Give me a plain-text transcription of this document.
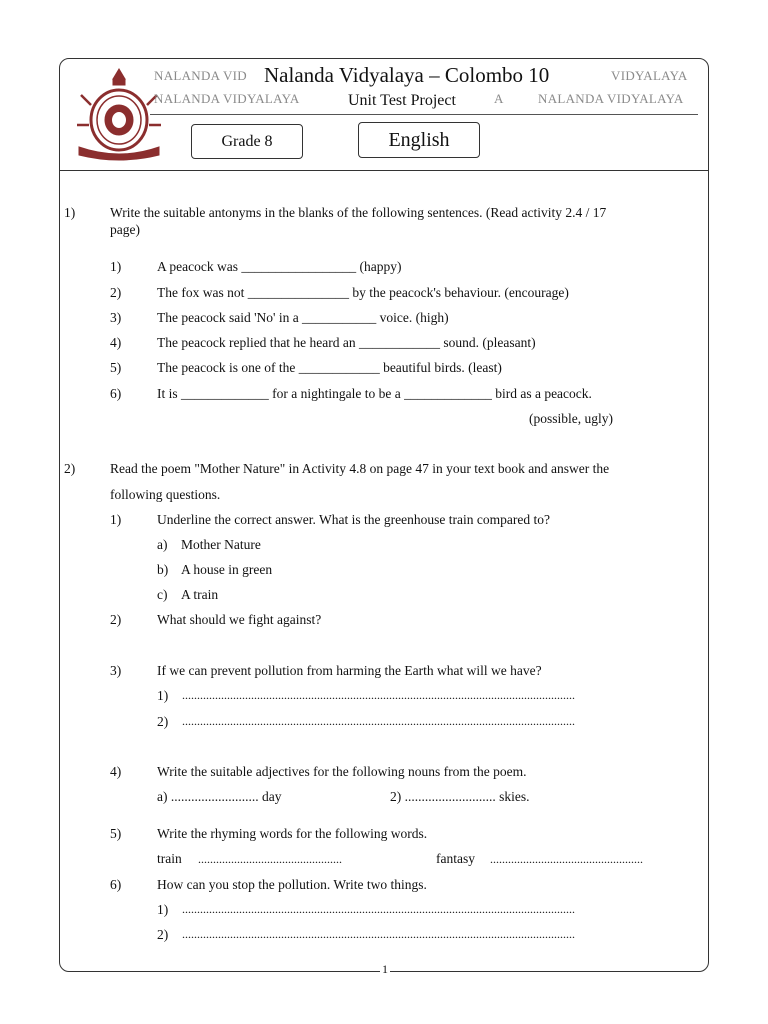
NALANDA VID	VIDYALAYA
NALANDA VIDYALAYA	A	NALANDA VIDYALAYA
Nalanda Vidyalaya – Colombo 10
Unit Test Project
Grade 8	English
1)	Write the suitable antonyms in the blanks of the following sentences. (Read activity 2.4 / 17
page)
1)	A peacock was _________________ (happy)
2)	The fox was not _______________ by the peacock's behaviour. (encourage)
3)	The peacock said 'No' in a ___________ voice. (high)
4)	The peacock replied that he heard an ____________ sound. (pleasant)
5)	The peacock is one of the ____________ beautiful birds. (least)
6)	It is _____________ for a nightingale to be a _____________ bird as a peacock.
(possible, ugly)
2)	Read the poem "Mother Nature" in Activity 4.8 on page 47 in your text book and answer the
following questions.
1)	Underline the correct answer. What is the greenhouse train compared to?
a) Mother Nature
b) A house in green
c) A train
2)	What should we fight against?
3)	If we can prevent pollution from harming the Earth what will we have?
1) ...................................................................................................................................
2) ...................................................................................................................................
4)	Write the suitable adjectives for the following nouns from the poem.
a) .......................... day	2) ........................... skies.
5)	Write the rhyming words for the following words.
train ................................................	fantasy ...................................................
6)	How can you stop the pollution. Write two things.
1) ...................................................................................................................................
2) ...................................................................................................................................
1
